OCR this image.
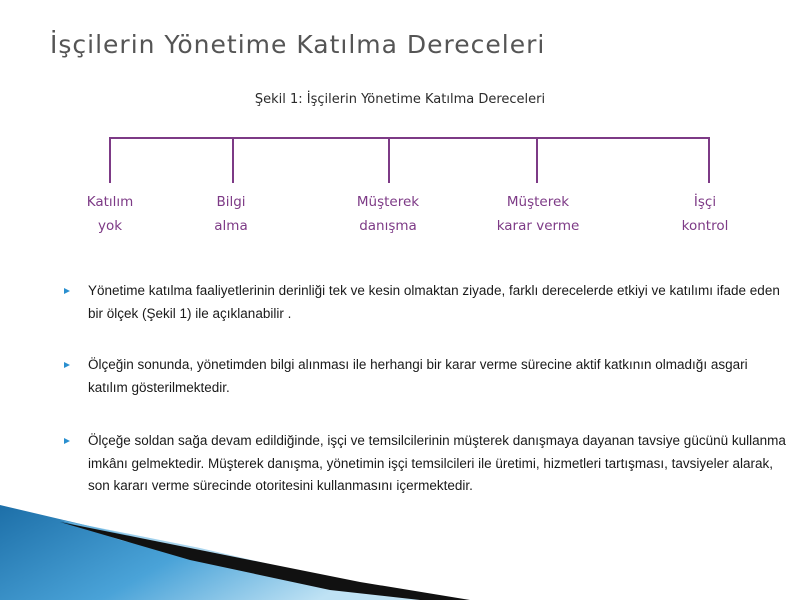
İşçilerin Yönetime Katılma Dereceleri
Şekil 1: İşçilerin Yönetime Katılma Dereceleri
Katılım
yok
Bilgi
alma
Müşterek
danışma
Müşterek
karar verme
İşçi
kontrol
Yönetime katılma faaliyetlerinin derinliği tek ve kesin olmaktan ziyade, farklı derecelerde etkiyi ve katılımı ifade eden bir ölçek (Şekil 1) ile açıklanabilir .
Ölçeğin sonunda, yönetimden bilgi alınması ile herhangi bir karar verme sürecine aktif katkının olmadığı asgari katılım gösterilmektedir.
Ölçeğe soldan sağa devam edildiğinde, işçi ve temsilcilerinin müşterek danışmaya dayanan tavsiye gücünü kullanma imkânı gelmektedir. Müşterek danışma, yönetimin işçi temsilcileri ile üretimi, hizmetleri tartışması, tavsiyeler alarak, son kararı verme sürecinde otoritesini kullanmasını içermektedir.
